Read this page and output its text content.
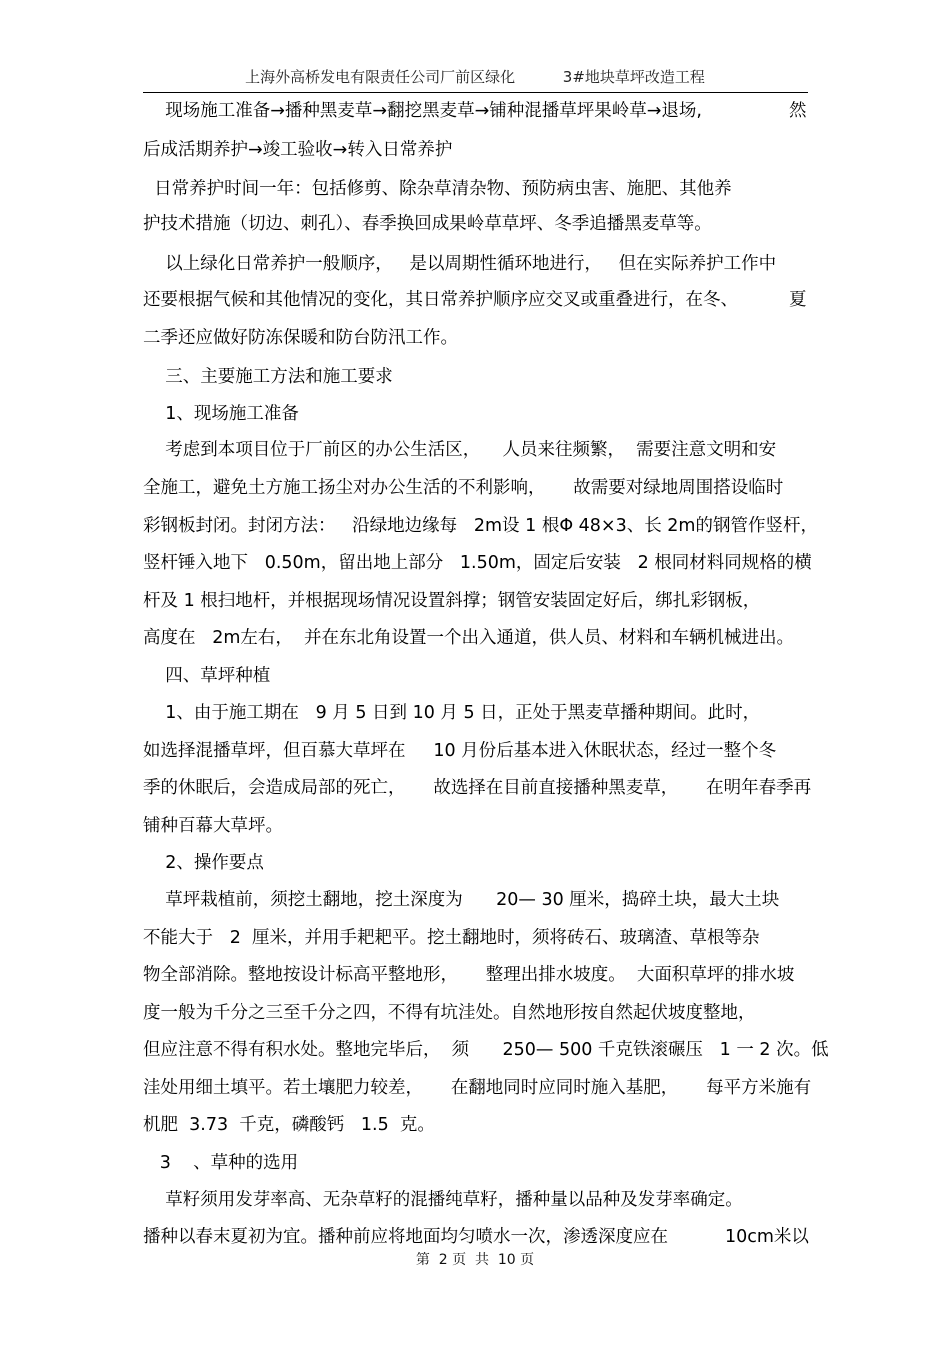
上海外高桥发电有限责任公司厂前区绿化          3#地块草坪改造工程
现场施工准备→播种黑麦草→翻挖黑麦草→铺种混播草坪果岭草→退场,	然
后成活期养护→竣工验收→转入日常养护
日常养护时间一年：包括修剪、除杂草清杂物、预防病虫害、施肥、其他养
护技术措施（切边、刺孔）、春季换回成果岭草草坪、冬季追播黑麦草等。
以上绿化日常养护一般顺序，   是以周期性循环地进行，   但在实际养护工作中
还要根据气候和其他情况的变化，其日常养护顺序应交叉或重叠进行，在冬、	夏
二季还应做好防冻保暖和防台防汛工作。
三、主要施工方法和施工要求
1、现场施工准备
考虑到本项目位于厂前区的办公生活区，    人员来往频繁，  需要注意文明和安
全施工，避免土方施工扬尘对办公生活的不利影响，     故需要对绿地周围搭设临时
彩钢板封闭。封闭方法：   沿绿地边缘每   2m设 1 根Φ 48×3、长 2m的钢管作竖杆，
竖杆锤入地下   0.50m，留出地上部分   1.50m，固定后安装   2 根同材料同规格的横
杆及 1 根扫地杆，并根据现场情况设置斜撑；钢管安装固定好后，绑扎彩钢板，
高度在   2m左右，  并在东北角设置一个出入通道，供人员、材料和车辆机械进出。
四、草坪种植
1、由于施工期在   9 月 5 日到 10 月 5 日，正处于黑麦草播种期间。此时，
如选择混播草坪，但百慕大草坪在     10 月份后基本进入休眠状态，经过一整个冬
季的休眠后，会造成局部的死亡，     故选择在目前直接播种黑麦草，     在明年春季再
铺种百幕大草坪。
2、操作要点
草坪栽植前，须挖土翻地，挖土深度为      20— 30 厘米，捣碎土块，最大土块
不能大于   2  厘米，并用手耙耙平。挖土翻地时，须将砖石、玻璃渣、草根等杂
物全部消除。整地按设计标高平整地形，     整理出排水坡度。  大面积草坪的排水坡
度一般为千分之三至千分之四，不得有坑洼处。自然地形按自然起伏坡度整地，
但应注意不得有积水处。整地完毕后，  须      250— 500 千克铁滚碾压   1 一 2 次。低
洼处用细土填平。若土壤肥力较差，     在翻地同时应同时施入基肥，     每平方米施有
机肥  3.73  千克，磷酸钙   1.5  克。
3    、草种的选用
草籽须用发芽率高、无杂草籽的混播纯草籽，播种量以品种及发芽率确定。
播种以春末夏初为宜。播种前应将地面均匀喷水一次，渗透深度应在	10cm米以
第  2 页  共  10 页
